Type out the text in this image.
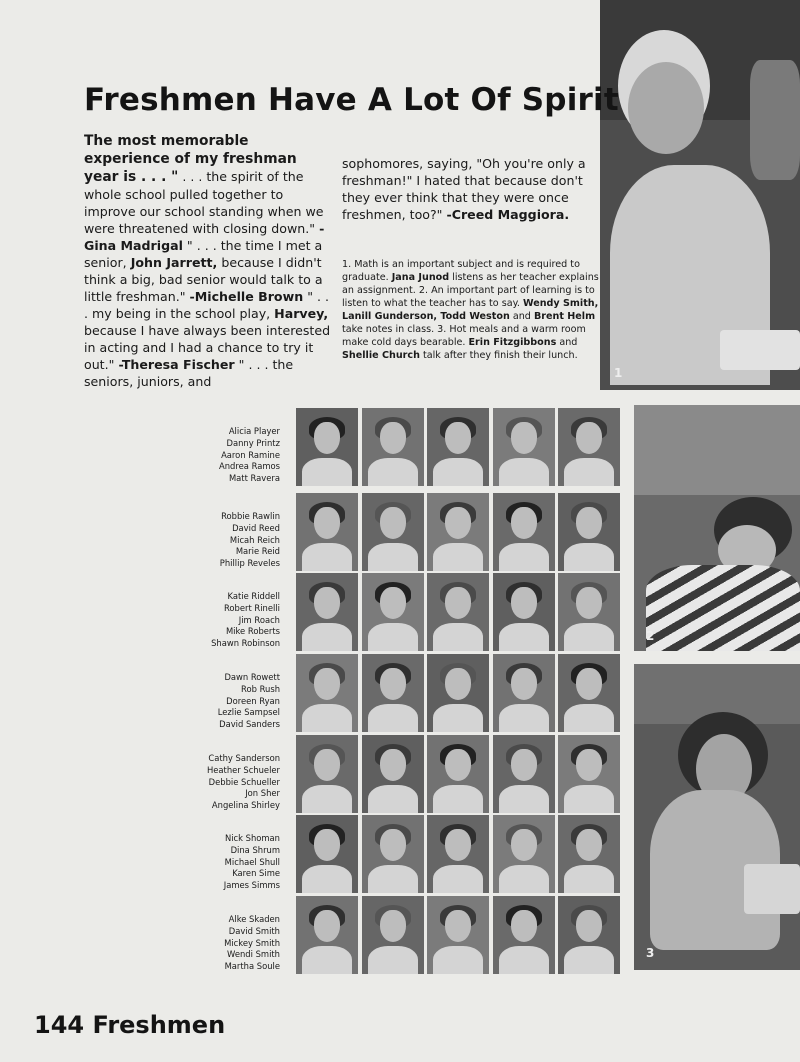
1
2
3
Freshmen Have A Lot Of Spirit
The most memorable experience of my freshman year is . . . " . . . the spirit of the whole school pulled together to improve our school standing when we were threatened with closing down." -Gina Madrigal " . . . the time I met a senior, John Jarrett, because I didn't think a big, bad senior would talk to a little freshman." -Michelle Brown " . . . my being in the school play, Harvey, because I have always been interested in acting and I had a chance to try it out." -Theresa Fischer " . . . the seniors, juniors, and
sophomores, saying, "Oh you're only a freshman!" I hated that because don't they ever think that they were once freshmen, too?" -Creed Maggiora.
1. Math is an important subject and is required to graduate. Jana Junod listens as her teacher explains an assignment. 2. An important part of learning is to listen to what the teacher has to say. Wendy Smith, Lanill Gunderson, Todd Weston and Brent Helm take notes in class. 3. Hot meals and a warm room make cold days bearable. Erin Fitzgibbons and Shellie Church talk after they finish their lunch.
Alicia Player
Danny Printz
Aaron Ramine
Andrea Ramos
Matt Ravera
Robbie Rawlin
David Reed
Micah Reich
Marie Reid
Phillip Reveles
Katie Riddell
Robert Rinelli
Jim Roach
Mike Roberts
Shawn Robinson
Dawn Rowett
Rob Rush
Doreen Ryan
Lezlie Sampsel
David Sanders
Cathy Sanderson
Heather Schueler
Debbie Schueller
Jon Sher
Angelina Shirley
Nick Shoman
Dina Shrum
Michael Shull
Karen Sime
James Simms
Alke Skaden
David Smith
Mickey Smith
Wendi Smith
Martha Soule
144 Freshmen
